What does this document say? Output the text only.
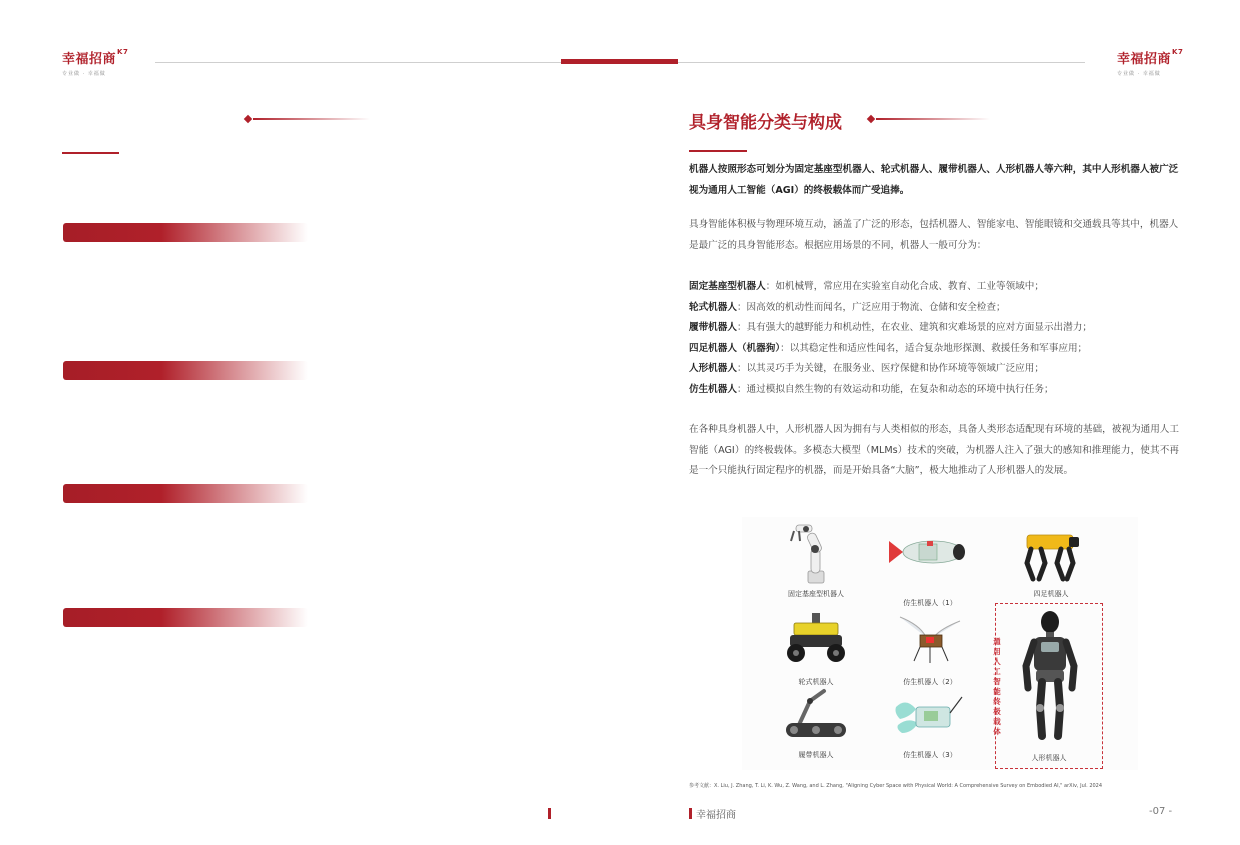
幸福招商$^{K7}$
专业做 · 幸福做
幸福招商$^{K7}$
专业做 · 幸福做
具身智能分类与构成
机器人按照形态可划分为固定基座型机器人、轮式机器人、履带机器人、人形机器人等六种，其中人形机器人被广泛视为通用人工智能（AGI）的终极载体而广受追捧。
具身智能体积极与物理环境互动，涵盖了广泛的形态，包括机器人、智能家电、智能眼镜和交通载具等其中，机器人是最广泛的具身智能形态。根据应用场景的不同，机器人一般可分为：
固定基座型机器人：如机械臂，常应用在实验室自动化合成、教育、工业等领域中；
轮式机器人：因高效的机动性而闻名，广泛应用于物流、仓储和安全检查；
履带机器人：具有强大的越野能力和机动性，在农业、建筑和灾难场景的应对方面显示出潜力；
四足机器人（机器狗）：以其稳定性和适应性闻名，适合复杂地形探测、救援任务和军事应用；
人形机器人：以其灵巧手为关键，在服务业、医疗保健和协作环境等领域广泛应用；
仿生机器人：通过模拟自然生物的有效运动和功能，在复杂和动态的环境中执行任务；
在各种具身机器人中，人形机器人因为拥有与人类相似的形态，具备人类形态适配现有环境的基础，被视为通用人工智能（AGI）的终极载体。多模态大模型（MLMs）技术的突破，为机器人注入了强大的感知和推理能力，使其不再是一个只能执行固定程序的机器，而是开始具备“大脑”，极大地推动了人形机器人的发展。
固定基座型机器人
仿生机器人（1）
四足机器人
轮式机器人	仿生机器人（2）
履带机器人	仿生机器人（3）
通用人工智能终极载体
人形机器人
参考文献：X. Liu, J. Zhang, T. Li, K. Wu, Z. Wang, and L. Zhang, "Aligning Cyber Space with Physical World: A Comprehensive Survey on Embodied AI," arXiv, Jul. 2024
幸福招商	-07 -
